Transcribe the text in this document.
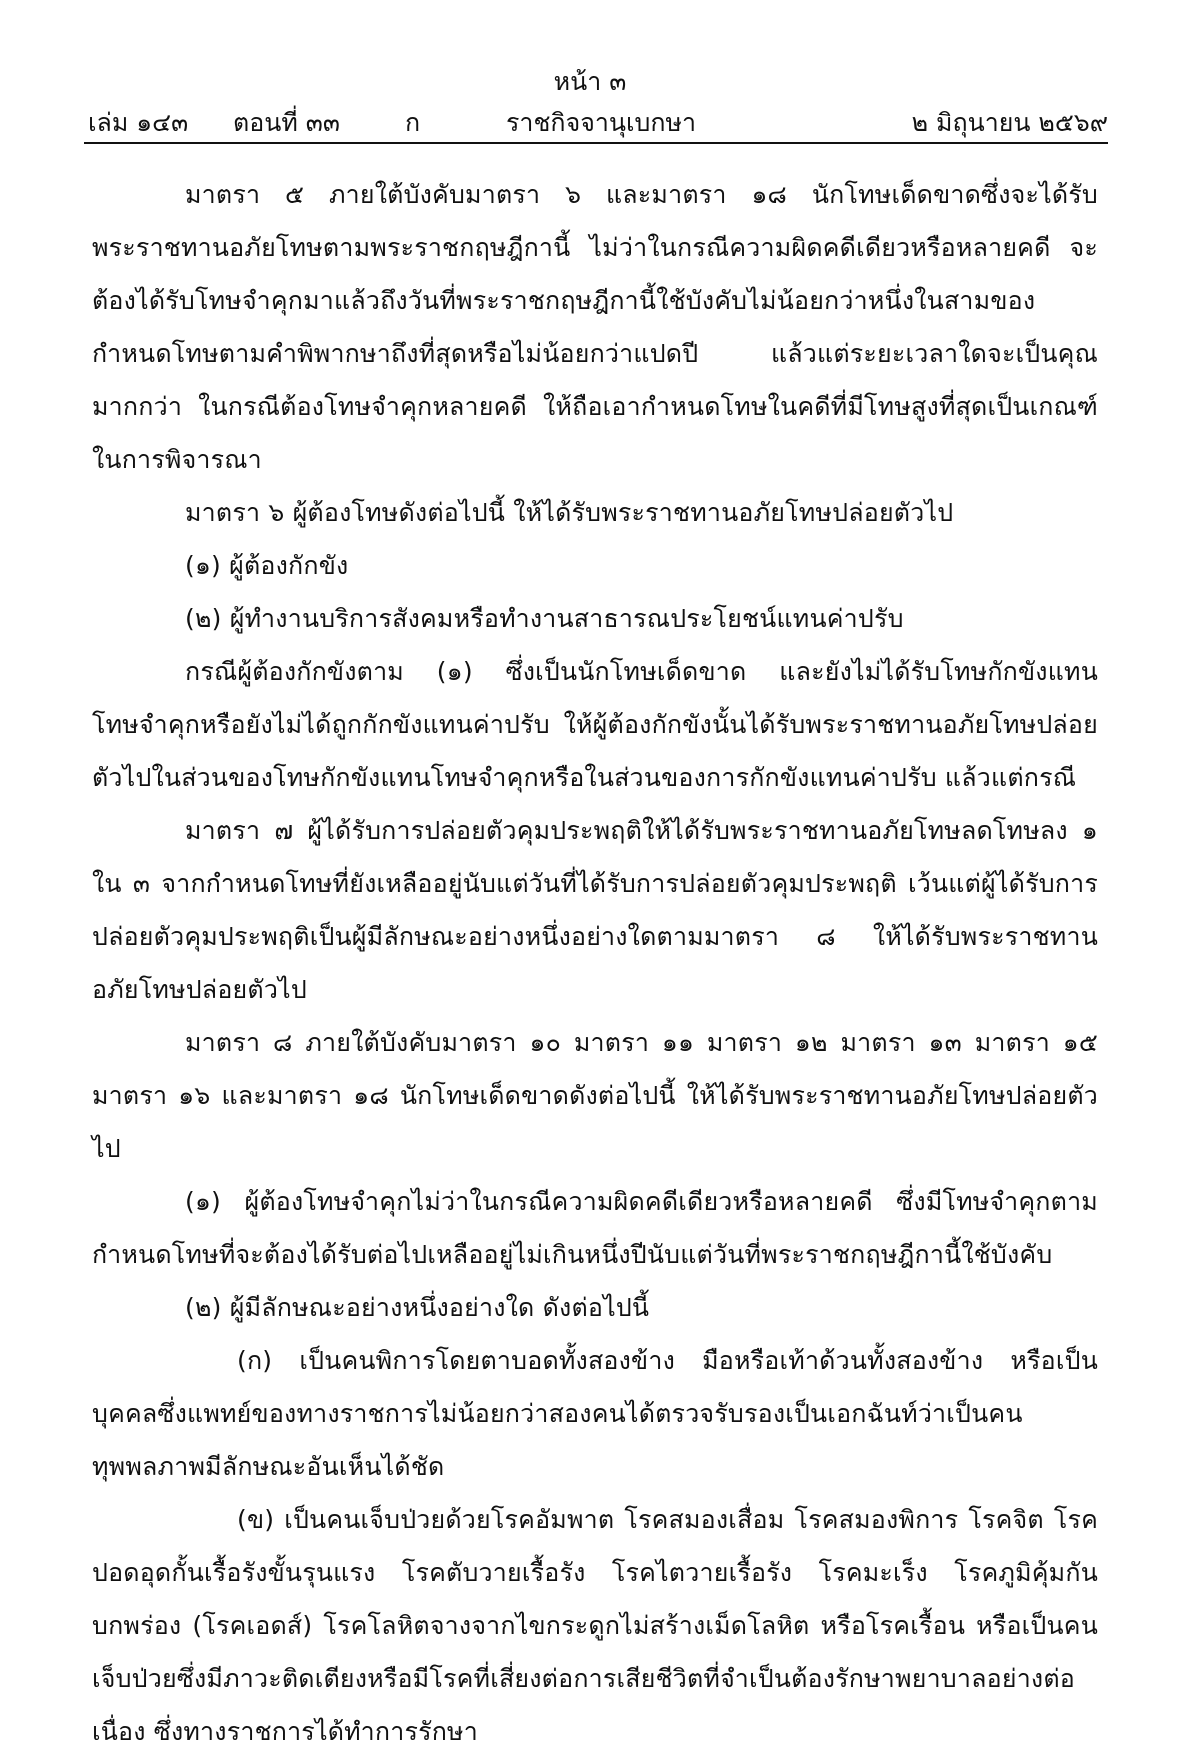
หน้า ๓
เล่ม ๑๔๓ ตอนที่ ๓๓	ก	ราชกิจจานุเบกษา	๒ มิถุนายน ๒๕๖๙

มาตรา ๕ ภายใต้บังคับมาตรา ๖ และมาตรา ๑๘ นักโทษเด็ดขาดซึ่งจะได้รับพระราชทานอภัยโทษตามพระราชกฤษฎีกานี้ ไม่ว่าในกรณีความผิดคดีเดียวหรือหลายคดี จะต้องได้รับโทษจำคุกมาแล้วถึงวันที่พระราชกฤษฎีกานี้ใช้บังคับไม่น้อยกว่าหนึ่งในสามของกำหนดโทษตามคำพิพากษาถึงที่สุดหรือไม่น้อยกว่าแปดปี แล้วแต่ระยะเวลาใดจะเป็นคุณมากกว่า ในกรณีต้องโทษจำคุกหลายคดี ให้ถือเอากำหนดโทษในคดีที่มีโทษสูงที่สุดเป็นเกณฑ์ในการพิจารณา

มาตรา ๖ ผู้ต้องโทษดังต่อไปนี้ ให้ได้รับพระราชทานอภัยโทษปล่อยตัวไป

(๑) ผู้ต้องกักขัง

(๒) ผู้ทำงานบริการสังคมหรือทำงานสาธารณประโยชน์แทนค่าปรับ

กรณีผู้ต้องกักขังตาม (๑) ซึ่งเป็นนักโทษเด็ดขาด และยังไม่ได้รับโทษกักขังแทนโทษจำคุกหรือยังไม่ได้ถูกกักขังแทนค่าปรับ ให้ผู้ต้องกักขังนั้นได้รับพระราชทานอภัยโทษปล่อยตัวไปในส่วนของโทษกักขังแทนโทษจำคุกหรือในส่วนของการกักขังแทนค่าปรับ แล้วแต่กรณี

มาตรา ๗ ผู้ได้รับการปล่อยตัวคุมประพฤติให้ได้รับพระราชทานอภัยโทษลดโทษลง ๑ ใน ๓ จากกำหนดโทษที่ยังเหลืออยู่นับแต่วันที่ได้รับการปล่อยตัวคุมประพฤติ เว้นแต่ผู้ได้รับการปล่อยตัวคุมประพฤติเป็นผู้มีลักษณะอย่างหนึ่งอย่างใดตามมาตรา ๘ ให้ได้รับพระราชทานอภัยโทษปล่อยตัวไป

มาตรา ๘ ภายใต้บังคับมาตรา ๑๐ มาตรา ๑๑ มาตรา ๑๒ มาตรา ๑๓ มาตรา ๑๕ มาตรา ๑๖ และมาตรา ๑๘ นักโทษเด็ดขาดดังต่อไปนี้ ให้ได้รับพระราชทานอภัยโทษปล่อยตัวไป

(๑) ผู้ต้องโทษจำคุกไม่ว่าในกรณีความผิดคดีเดียวหรือหลายคดี ซึ่งมีโทษจำคุกตามกำหนดโทษที่จะต้องได้รับต่อไปเหลืออยู่ไม่เกินหนึ่งปีนับแต่วันที่พระราชกฤษฎีกานี้ใช้บังคับ

(๒) ผู้มีลักษณะอย่างหนึ่งอย่างใด ดังต่อไปนี้

(ก) เป็นคนพิการโดยตาบอดทั้งสองข้าง มือหรือเท้าด้วนทั้งสองข้าง หรือเป็นบุคคลซึ่งแพทย์ของทางราชการไม่น้อยกว่าสองคนได้ตรวจรับรองเป็นเอกฉันท์ว่าเป็นคนทุพพลภาพมีลักษณะอันเห็นได้ชัด

(ข) เป็นคนเจ็บป่วยด้วยโรคอัมพาต โรคสมองเสื่อม โรคสมองพิการ โรคจิต โรคปอดอุดกั้นเรื้อรังขั้นรุนแรง โรคตับวายเรื้อรัง โรคไตวายเรื้อรัง โรคมะเร็ง โรคภูมิคุ้มกันบกพร่อง (โรคเอดส์) โรคโลหิตจางจากไขกระดูกไม่สร้างเม็ดโลหิต หรือโรคเรื้อน หรือเป็นคนเจ็บป่วยซึ่งมีภาวะติดเตียงหรือมีโรคที่เสี่ยงต่อการเสียชีวิตที่จำเป็นต้องรักษาพยาบาลอย่างต่อเนื่อง ซึ่งทางราชการได้ทำการรักษา
